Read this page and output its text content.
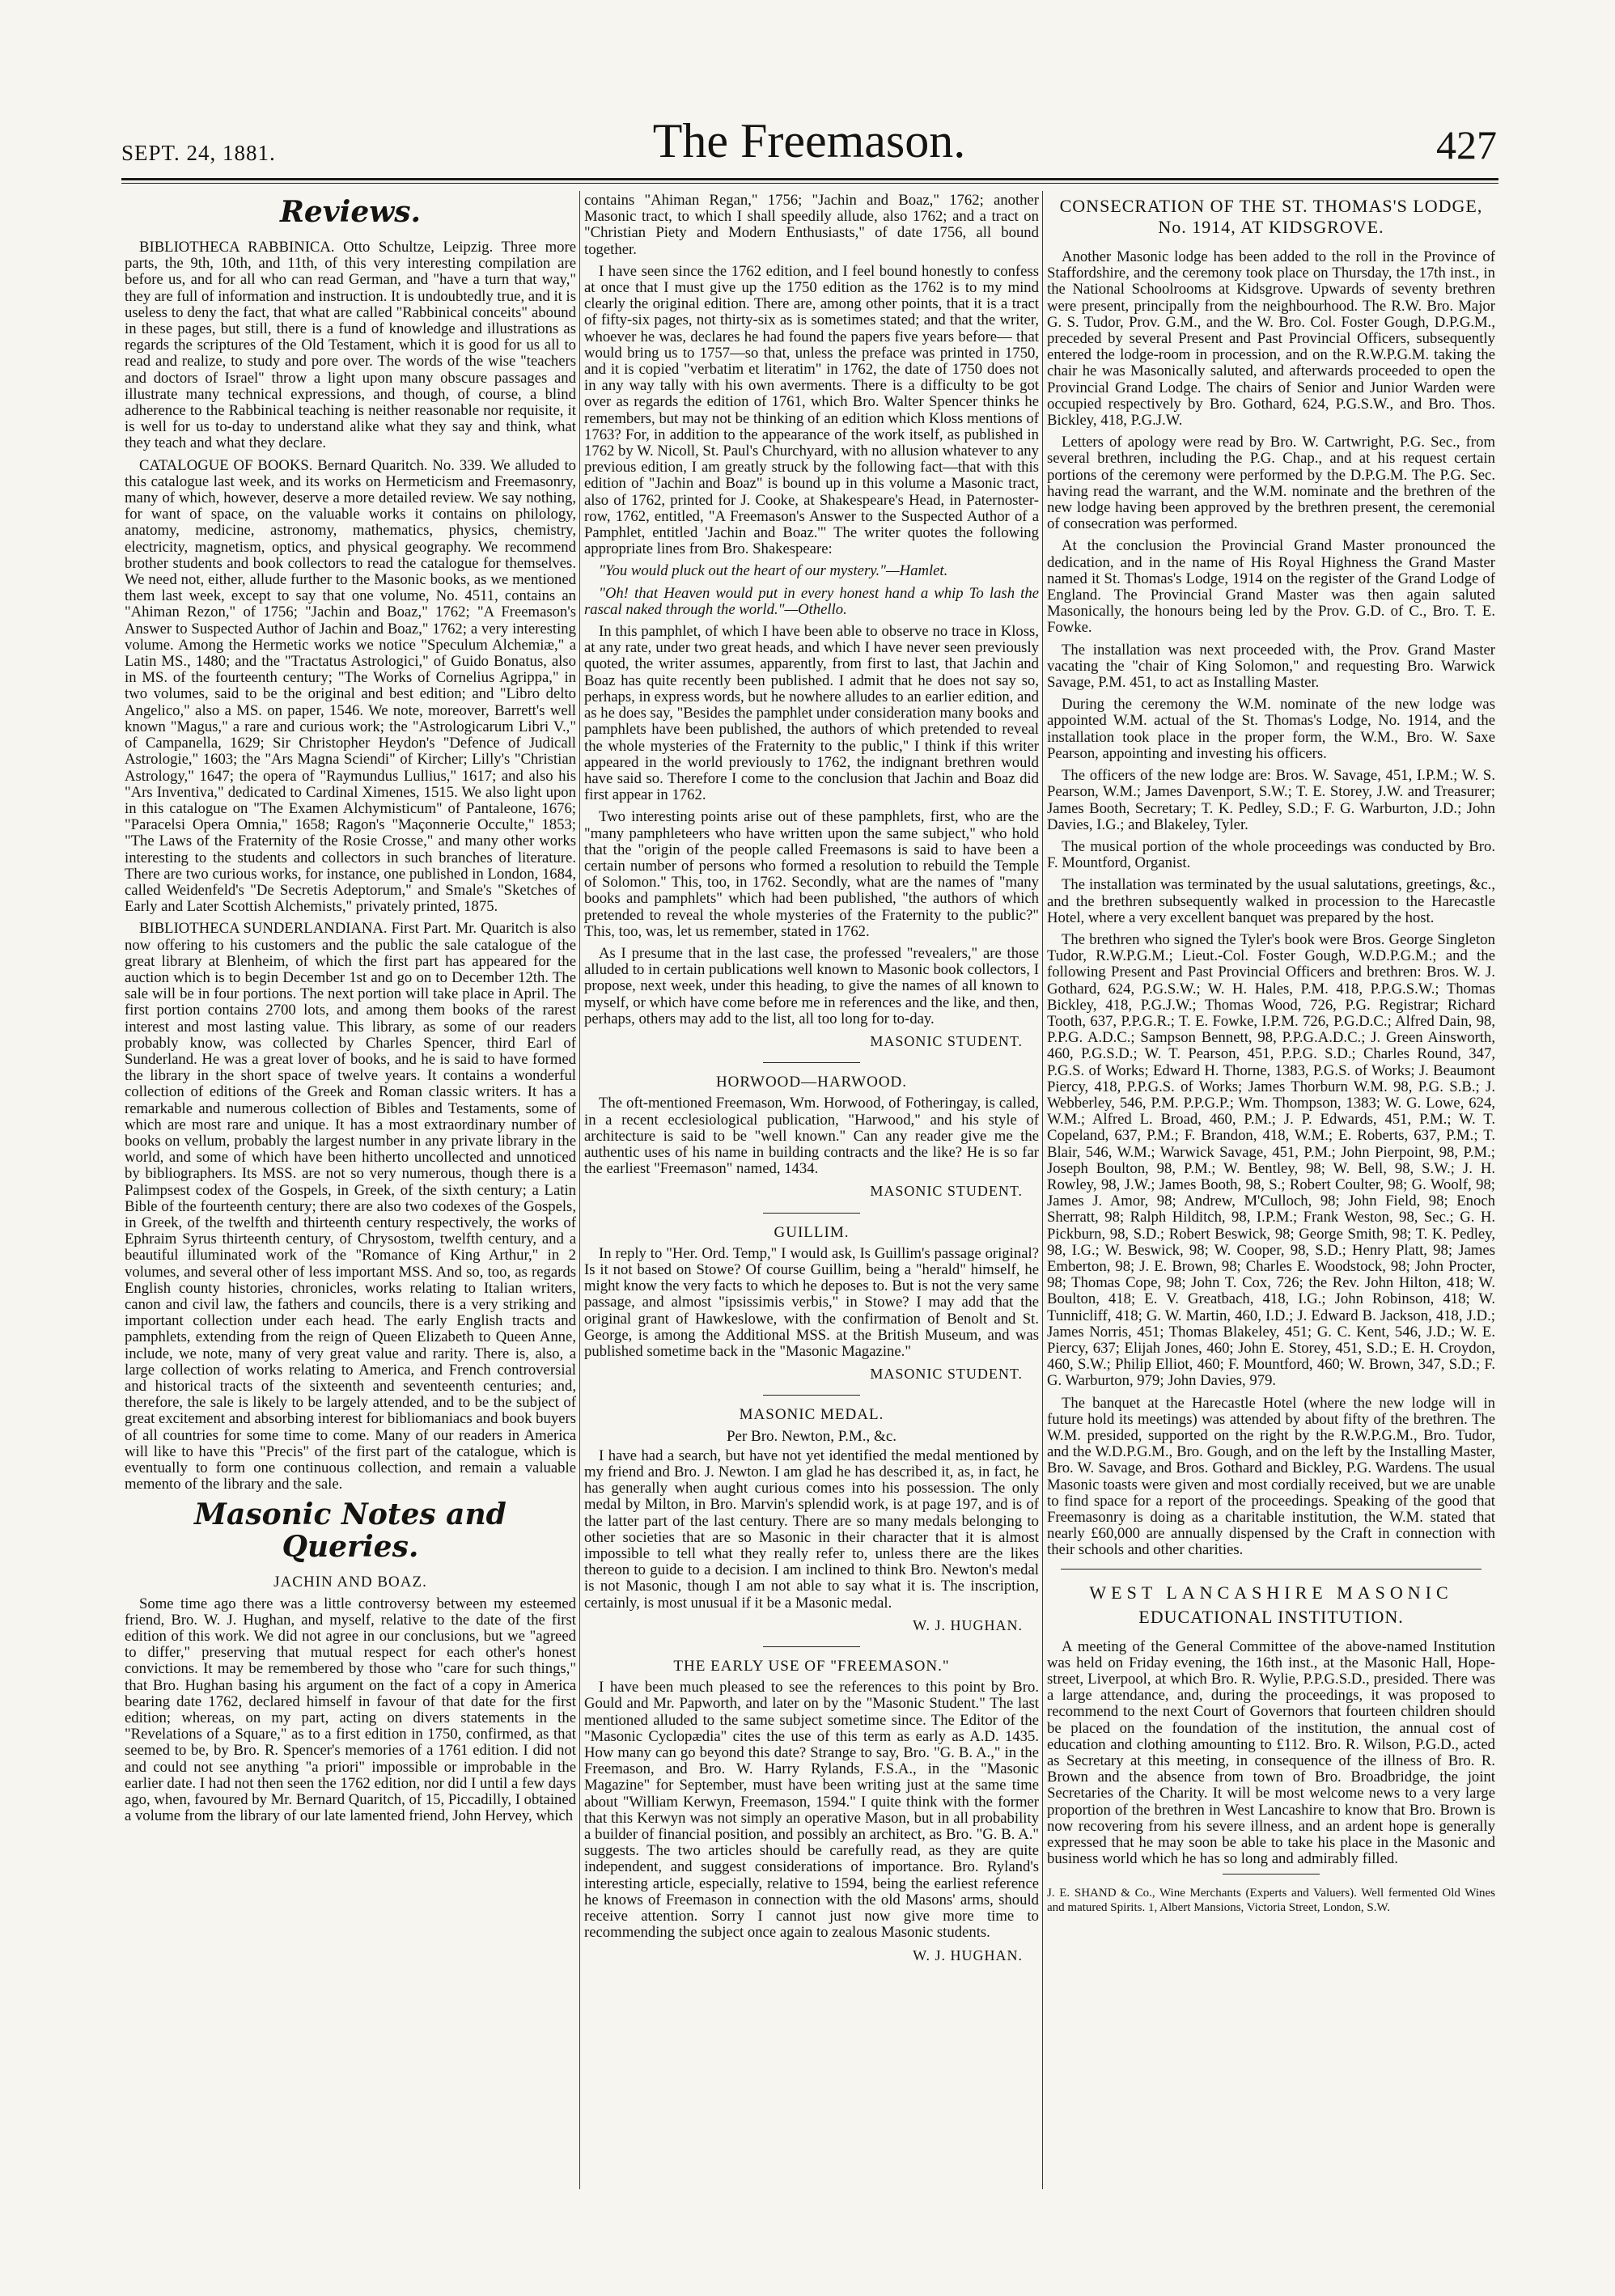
The Freemason.
SEPT. 24, 1881.	427
Reviews.

BIBLIOTHECA RABBINICA. Otto Schultze, Leipzig. Three more parts, the 9th, 10th, and 11th, of this very interesting compilation are before us, and for all who can read German, and "have a turn that way," they are full of information and instruction. It is undoubtedly true, and it is useless to deny the fact, that what are called "Rabbinical conceits" abound in these pages, but still, there is a fund of knowledge and illustrations as regards the scriptures of the Old Testament, which it is good for us all to read and realize, to study and pore over. The words of the wise "teachers and doctors of Israel" throw a light upon many obscure passages and illustrate many technical expressions, and though, of course, a blind adherence to the Rabbinical teaching is neither reasonable nor requisite, it is well for us to-day to understand alike what they say and think, what they teach and what they declare.

CATALOGUE OF BOOKS. Bernard Quaritch. No. 339. We alluded to this catalogue last week, and its works on Hermeticism and Freemasonry, many of which, however, deserve a more detailed review. We say nothing, for want of space, on the valuable works it contains on philology, anatomy, medicine, astronomy, mathematics, physics, chemistry, electricity, magnetism, optics, and physical geography. We recommend brother students and book collectors to read the catalogue for themselves. We need not, either, allude further to the Masonic books, as we mentioned them last week, except to say that one volume, No. 4511, contains an "Ahiman Rezon," of 1756; "Jachin and Boaz," 1762; "A Freemason's Answer to Suspected Author of Jachin and Boaz," 1762; a very interesting volume. Among the Hermetic works we notice "Speculum Alchemiæ," a Latin MS., 1480; and the "Tractatus Astrologici," of Guido Bonatus, also in MS. of the fourteenth century; "The Works of Cornelius Agrippa," in two volumes, said to be the original and best edition; and "Libro delto Angelico," also a MS. on paper, 1546. We note, moreover, Barrett's well known "Magus," a rare and curious work; the "Astrologicarum Libri V.," of Campanella, 1629; Sir Christopher Heydon's "Defence of Judicall Astrologie," 1603; the "Ars Magna Sciendi" of Kircher; Lilly's "Christian Astrology," 1647; the opera of "Raymundus Lullius," 1617; and also his "Ars Inventiva," dedicated to Cardinal Ximenes, 1515. We also light upon in this catalogue on "The Examen Alchymisticum" of Pantaleone, 1676; "Paracelsi Opera Omnia," 1658; Ragon's "Maçonnerie Occulte," 1853; "The Laws of the Fraternity of the Rosie Crosse," and many other works interesting to the students and collectors in such branches of literature. There are two curious works, for instance, one published in London, 1684, called Weidenfeld's "De Secretis Adeptorum," and Smale's "Sketches of Early and Later Scottish Alchemists," privately printed, 1875.

BIBLIOTHECA SUNDERLANDIANA. First Part. Mr. Quaritch is also now offering to his customers and the public the sale catalogue of the great library at Blenheim, of which the first part has appeared for the auction which is to begin December 1st and go on to December 12th. The sale will be in four portions. The next portion will take place in April. The first portion contains 2700 lots, and among them books of the rarest interest and most lasting value. This library, as some of our readers probably know, was collected by Charles Spencer, third Earl of Sunderland. He was a great lover of books, and he is said to have formed the library in the short space of twelve years. It contains a wonderful collection of editions of the Greek and Roman classic writers. It has a remarkable and numerous collection of Bibles and Testaments, some of which are most rare and unique. It has a most extraordinary number of books on vellum, probably the largest number in any private library in the world, and some of which have been hitherto uncollected and unnoticed by bibliographers. Its MSS. are not so very numerous, though there is a Palimpsest codex of the Gospels, in Greek, of the sixth century; a Latin Bible of the fourteenth century; there are also two codexes of the Gospels, in Greek, of the twelfth and thirteenth century respectively, the works of Ephraim Syrus thirteenth century, of Chrysostom, twelfth century, and a beautiful illuminated work of the "Romance of King Arthur," in 2 volumes, and several other of less important MSS. And so, too, as regards English county histories, chronicles, works relating to Italian writers, canon and civil law, the fathers and councils, there is a very striking and important collection under each head. The early English tracts and pamphlets, extending from the reign of Queen Elizabeth to Queen Anne, include, we note, many of very great value and rarity. There is, also, a large collection of works relating to America, and French controversial and historical tracts of the sixteenth and seventeenth centuries; and, therefore, the sale is likely to be largely attended, and to be the subject of great excitement and absorbing interest for bibliomaniacs and book buyers of all countries for some time to come. Many of our readers in America will like to have this "Precis" of the first part of the catalogue, which is eventually to form one continuous collection, and remain a valuable memento of the library and the sale.

Masonic Notes and Queries.
JACHIN AND BOAZ.

Some time ago there was a little controversy between my esteemed friend, Bro. W. J. Hughan, and myself, relative to the date of the first edition of this work. We did not agree in our conclusions, but we "agreed to differ," preserving that mutual respect for each other's honest convictions. It may be remembered by those who "care for such things," that Bro. Hughan basing his argument on the fact of a copy in America bearing date 1762, declared himself in favour of that date for the first edition; whereas, on my part, acting on divers statements in the "Revelations of a Square," as to a first edition in 1750, confirmed, as that seemed to be, by Bro. R. Spencer's memories of a 1761 edition. I did not and could not see anything "a priori" impossible or improbable in the earlier date. I had not then seen the 1762 edition, nor did I until a few days ago, when, favoured by Mr. Bernard Quaritch, of 15, Piccadilly, I obtained a volume from the library of our late lamented friend, John Hervey, which

contains "Ahiman Regan," 1756; "Jachin and Boaz," 1762; another Masonic tract, to which I shall speedily allude, also 1762; and a tract on "Christian Piety and Modern Enthusiasts," of date 1756, all bound together.

I have seen since the 1762 edition, and I feel bound honestly to confess at once that I must give up the 1750 edition as the 1762 is to my mind clearly the original edition. There are, among other points, that it is a tract of fifty-six pages, not thirty-six as is sometimes stated; and that the writer, whoever he was, declares he had found the papers five years before— that would bring us to 1757—so that, unless the preface was printed in 1750, and it is copied "verbatim et literatim" in 1762, the date of 1750 does not in any way tally with his own averments. There is a difficulty to be got over as regards the edition of 1761, which Bro. Walter Spencer thinks he remembers, but may not be thinking of an edition which Kloss mentions of 1763? For, in addition to the appearance of the work itself, as published in 1762 by W. Nicoll, St. Paul's Churchyard, with no allusion whatever to any previous edition, I am greatly struck by the following fact—that with this edition of "Jachin and Boaz" is bound up in this volume a Masonic tract, also of 1762, printed for J. Cooke, at Shakespeare's Head, in Paternoster-row, 1762, entitled, "A Freemason's Answer to the Suspected Author of a Pamphlet, entitled 'Jachin and Boaz.'" The writer quotes the following appropriate lines from Bro. Shakespeare:

"You would pluck out the heart of our mystery."—Hamlet.

"Oh! that Heaven would put in every honest hand a whip To lash the rascal naked through the world."—Othello.

In this pamphlet, of which I have been able to observe no trace in Kloss, at any rate, under two great heads, and which I have never seen previously quoted, the writer assumes, apparently, from first to last, that Jachin and Boaz has quite recently been published. I admit that he does not say so, perhaps, in express words, but he nowhere alludes to an earlier edition, and as he does say, "Besides the pamphlet under consideration many books and pamphlets have been published, the authors of which pretended to reveal the whole mysteries of the Fraternity to the public," I think if this writer appeared in the world previously to 1762, the indignant brethren would have said so. Therefore I come to the conclusion that Jachin and Boaz did first appear in 1762.

Two interesting points arise out of these pamphlets, first, who are the "many pamphleteers who have written upon the same subject," who hold that the "origin of the people called Freemasons is said to have been a certain number of persons who formed a resolution to rebuild the Temple of Solomon." This, too, in 1762. Secondly, what are the names of "many books and pamphlets" which had been published, "the authors of which pretended to reveal the whole mysteries of the Fraternity to the public?" This, too, was, let us remember, stated in 1762.

As I presume that in the last case, the professed "revealers," are those alluded to in certain publications well known to Masonic book collectors, I propose, next week, under this heading, to give the names of all known to myself, or which have come before me in references and the like, and then, perhaps, others may add to the list, all too long for to-day.

MASONIC STUDENT.
HORWOOD—HARWOOD.

The oft-mentioned Freemason, Wm. Horwood, of Fotheringay, is called, in a recent ecclesiological publication, "Harwood," and his style of architecture is said to be "well known." Can any reader give me the authentic uses of his name in building contracts and the like? He is so far the earliest "Freemason" named, 1434.

MASONIC STUDENT.
GUILLIM.

In reply to "Her. Ord. Temp," I would ask, Is Guillim's passage original? Is it not based on Stowe? Of course Guillim, being a "herald" himself, he might know the very facts to which he deposes to. But is not the very same passage, and almost "ipsissimis verbis," in Stowe? I may add that the original grant of Hawkeslowe, with the confirmation of Benolt and St. George, is among the Additional MSS. at the British Museum, and was published sometime back in the "Masonic Magazine."

MASONIC STUDENT.
MASONIC MEDAL.
Per Bro. Newton, P.M., &c.

I have had a search, but have not yet identified the medal mentioned by my friend and Bro. J. Newton. I am glad he has described it, as, in fact, he has generally when aught curious comes into his possession. The only medal by Milton, in Bro. Marvin's splendid work, is at page 197, and is of the latter part of the last century. There are so many medals belonging to other societies that are so Masonic in their character that it is almost impossible to tell what they really refer to, unless there are the likes thereon to guide to a decision. I am inclined to think Bro. Newton's medal is not Masonic, though I am not able to say what it is. The inscription, certainly, is most unusual if it be a Masonic medal.

W. J. HUGHAN.
THE EARLY USE OF "FREEMASON."

I have been much pleased to see the references to this point by Bro. Gould and Mr. Papworth, and later on by the "Masonic Student." The last mentioned alluded to the same subject sometime since. The Editor of the "Masonic Cyclopædia" cites the use of this term as early as A.D. 1435. How many can go beyond this date? Strange to say, Bro. "G. B. A.," in the Freemason, and Bro. W. Harry Rylands, F.S.A., in the "Masonic Magazine" for September, must have been writing just at the same time about "William Kerwyn, Freemason, 1594." I quite think with the former that this Kerwyn was not simply an operative Mason, but in all probability a builder of financial position, and possibly an architect, as Bro. "G. B. A." suggests. The two articles should be carefully read, as they are quite independent, and suggest considerations of importance. Bro. Ryland's interesting article, especially, relative to 1594, being the earliest reference he knows of Freemason in connection with the old Masons' arms, should receive attention. Sorry I cannot just now give more time to recommending the subject once again to zealous Masonic students.

W. J. HUGHAN.
CONSECRATION OF THE ST. THOMAS'S LODGE, No. 1914, AT KIDSGROVE.

Another Masonic lodge has been added to the roll in the Province of Staffordshire, and the ceremony took place on Thursday, the 17th inst., in the National Schoolrooms at Kidsgrove. Upwards of seventy brethren were present, principally from the neighbourhood. The R.W. Bro. Major G. S. Tudor, Prov. G.M., and the W. Bro. Col. Foster Gough, D.P.G.M., preceded by several Present and Past Provincial Officers, subsequently entered the lodge-room in procession, and on the R.W.P.G.M. taking the chair he was Masonically saluted, and afterwards proceeded to open the Provincial Grand Lodge. The chairs of Senior and Junior Warden were occupied respectively by Bro. Gothard, 624, P.G.S.W., and Bro. Thos. Bickley, 418, P.G.J.W.

Letters of apology were read by Bro. W. Cartwright, P.G. Sec., from several brethren, including the P.G. Chap., and at his request certain portions of the ceremony were performed by the D.P.G.M. The P.G. Sec. having read the warrant, and the W.M. nominate and the brethren of the new lodge having been approved by the brethren present, the ceremonial of consecration was performed.

At the conclusion the Provincial Grand Master pronounced the dedication, and in the name of His Royal Highness the Grand Master named it St. Thomas's Lodge, 1914 on the register of the Grand Lodge of England. The Provincial Grand Master was then again saluted Masonically, the honours being led by the Prov. G.D. of C., Bro. T. E. Fowke.

The installation was next proceeded with, the Prov. Grand Master vacating the "chair of King Solomon," and requesting Bro. Warwick Savage, P.M. 451, to act as Installing Master.

During the ceremony the W.M. nominate of the new lodge was appointed W.M. actual of the St. Thomas's Lodge, No. 1914, and the installation took place in the proper form, the W.M., Bro. W. Saxe Pearson, appointing and investing his officers.

The officers of the new lodge are: Bros. W. Savage, 451, I.P.M.; W. S. Pearson, W.M.; James Davenport, S.W.; T. E. Storey, J.W. and Treasurer; James Booth, Secretary; T. K. Pedley, S.D.; F. G. Warburton, J.D.; John Davies, I.G.; and Blakeley, Tyler.

The musical portion of the whole proceedings was conducted by Bro. F. Mountford, Organist.

The installation was terminated by the usual salutations, greetings, &c., and the brethren subsequently walked in procession to the Harecastle Hotel, where a very excellent banquet was prepared by the host.

The brethren who signed the Tyler's book were Bros. George Singleton Tudor, R.W.P.G.M.; Lieut.-Col. Foster Gough, W.D.P.G.M.; and the following Present and Past Provincial Officers and brethren: Bros. W. J. Gothard, 624, P.G.S.W.; W. H. Hales, P.M. 418, P.P.G.S.W.; Thomas Bickley, 418, P.G.J.W.; Thomas Wood, 726, P.G. Registrar; Richard Tooth, 637, P.P.G.R.; T. E. Fowke, I.P.M. 726, P.G.D.C.; Alfred Dain, 98, P.P.G. A.D.C.; Sampson Bennett, 98, P.P.G.A.D.C.; J. Green Ainsworth, 460, P.G.S.D.; W. T. Pearson, 451, P.P.G. S.D.; Charles Round, 347, P.G.S. of Works; Edward H. Thorne, 1383, P.G.S. of Works; J. Beaumont Piercy, 418, P.P.G.S. of Works; James Thorburn W.M. 98, P.G. S.B.; J. Webberley, 546, P.M. P.P.G.P.; Wm. Thompson, 1383; W. G. Lowe, 624, W.M.; Alfred L. Broad, 460, P.M.; J. P. Edwards, 451, P.M.; W. T. Copeland, 637, P.M.; F. Brandon, 418, W.M.; E. Roberts, 637, P.M.; T. Blair, 546, W.M.; Warwick Savage, 451, P.M.; John Pierpoint, 98, P.M.; Joseph Boulton, 98, P.M.; W. Bentley, 98; W. Bell, 98, S.W.; J. H. Rowley, 98, J.W.; James Booth, 98, S.; Robert Coulter, 98; G. Woolf, 98; James J. Amor, 98; Andrew, M'Culloch, 98; John Field, 98; Enoch Sherratt, 98; Ralph Hilditch, 98, I.P.M.; Frank Weston, 98, Sec.; G. H. Pickburn, 98, S.D.; Robert Beswick, 98; George Smith, 98; T. K. Pedley, 98, I.G.; W. Beswick, 98; W. Cooper, 98, S.D.; Henry Platt, 98; James Emberton, 98; J. E. Brown, 98; Charles E. Woodstock, 98; John Procter, 98; Thomas Cope, 98; John T. Cox, 726; the Rev. John Hilton, 418; W. Boulton, 418; E. V. Greatbach, 418, I.G.; John Robinson, 418; W. Tunnicliff, 418; G. W. Martin, 460, I.D.; J. Edward B. Jackson, 418, J.D.; James Norris, 451; Thomas Blakeley, 451; G. C. Kent, 546, J.D.; W. E. Piercy, 637; Elijah Jones, 460; John E. Storey, 451, S.D.; E. H. Croydon, 460, S.W.; Philip Elliot, 460; F. Mountford, 460; W. Brown, 347, S.D.; F. G. Warburton, 979; John Davies, 979.

The banquet at the Harecastle Hotel (where the new lodge will in future hold its meetings) was attended by about fifty of the brethren. The W.M. presided, supported on the right by the R.W.P.G.M., Bro. Tudor, and the W.D.P.G.M., Bro. Gough, and on the left by the Installing Master, Bro. W. Savage, and Bros. Gothard and Bickley, P.G. Wardens. The usual Masonic toasts were given and most cordially received, but we are unable to find space for a report of the proceedings. Speaking of the good that Freemasonry is doing as a charitable institution, the W.M. stated that nearly £60,000 are annually dispensed by the Craft in connection with their schools and other charities.

WEST LANCASHIRE MASONIC
EDUCATIONAL INSTITUTION.

A meeting of the General Committee of the above-named Institution was held on Friday evening, the 16th inst., at the Masonic Hall, Hope-street, Liverpool, at which Bro. R. Wylie, P.P.G.S.D., presided. There was a large attendance, and, during the proceedings, it was proposed to recommend to the next Court of Governors that fourteen children should be placed on the foundation of the institution, the annual cost of education and clothing amounting to £112. Bro. R. Wilson, P.G.D., acted as Secretary at this meeting, in consequence of the illness of Bro. R. Brown and the absence from town of Bro. Broadbridge, the joint Secretaries of the Charity. It will be most welcome news to a very large proportion of the brethren in West Lancashire to know that Bro. Brown is now recovering from his severe illness, and an ardent hope is generally expressed that he may soon be able to take his place in the Masonic and business world which he has so long and admirably filled.

J. E. SHAND & Co., Wine Merchants (Experts and Valuers). Well fermented Old Wines and matured Spirits. 1, Albert Mansions, Victoria Street, London, S.W.
